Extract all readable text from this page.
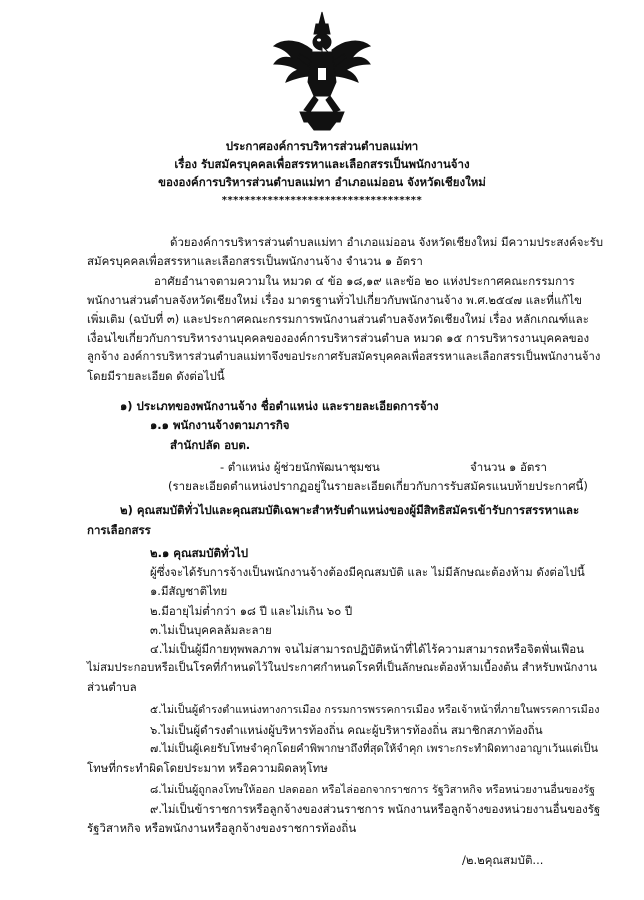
ประกาศองค์การบริหารส่วนตำบลแม่ทา
เรื่อง รับสมัครบุคคลเพื่อสรรหาและเลือกสรรเป็นพนักงานจ้าง
ขององค์การบริหารส่วนตำบลแม่ทา อำเภอแม่ออน จังหวัดเชียงใหม่
***********************************
ด้วยองค์การบริหารส่วนตำบลแม่ทา อำเภอแม่ออน จังหวัดเชียงใหม่ มีความประสงค์จะรับ
สมัครบุคคลเพื่อสรรหาและเลือกสรรเป็นพนักงานจ้าง จำนวน ๑ อัตรา
อาศัยอำนาจตามความใน หมวด ๔ ข้อ ๑๘,๑๙ และข้อ ๒๐ แห่งประกาศคณะกรรมการ
พนักงานส่วนตำบลจังหวัดเชียงใหม่ เรื่อง มาตรฐานทั่วไปเกี่ยวกับพนักงานจ้าง พ.ศ.๒๕๔๗ และที่แก้ไข
เพิ่มเติม (ฉบับที่ ๓) และประกาศคณะกรรมการพนักงานส่วนตำบลจังหวัดเชียงใหม่ เรื่อง หลักเกณฑ์และ
เงื่อนไขเกี่ยวกับการบริหารงานบุคคลขององค์การบริหารส่วนตำบล หมวด ๑๕ การบริหารงานบุคคลของ
ลูกจ้าง องค์การบริหารส่วนตำบลแม่ทาจึงขอประกาศรับสมัครบุคคลเพื่อสรรหาและเลือกสรรเป็นพนักงานจ้าง
โดยมีรายละเอียด ดังต่อไปนี้
๑) ประเภทของพนักงานจ้าง ชื่อตำแหน่ง และรายละเอียดการจ้าง
๑.๑ พนักงานจ้างตามภารกิจ
สำนักปลัด อบต.
- ตำแหน่ง ผู้ช่วยนักพัฒนาชุมชน	จำนวน ๑ อัตรา
(รายละเอียดตำแหน่งปรากฏอยู่ในรายละเอียดเกี่ยวกับการรับสมัครแนบท้ายประกาศนี้)
๒) คุณสมบัติทั่วไปและคุณสมบัติเฉพาะสำหรับตำแหน่งของผู้มีสิทธิสมัครเข้ารับการสรรหาและ
การเลือกสรร
๒.๑ คุณสมบัติทั่วไป
ผู้ซึ่งจะได้รับการจ้างเป็นพนักงานจ้างต้องมีคุณสมบัติ และ ไม่มีลักษณะต้องห้าม ดังต่อไปนี้
๑.มีสัญชาติไทย
๒.มีอายุไม่ต่ำกว่า ๑๘ ปี และไม่เกิน ๖๐ ปี
๓.ไม่เป็นบุคคลล้มละลาย
๔.ไม่เป็นผู้มีกายทุพพลภาพ จนไม่สามารถปฏิบัติหน้าที่ได้ไร้ความสามารถหรือจิตฟั่นเฟือน
ไม่สมประกอบหรือเป็นโรคที่กำหนดไว้ในประกาศกำหนดโรคที่เป็นลักษณะต้องห้ามเบื้องต้น สำหรับพนักงาน
ส่วนตำบล
๕.ไม่เป็นผู้ดำรงตำแหน่งทางการเมือง กรรมการพรรคการเมือง หรือเจ้าหน้าที่ภายในพรรคการเมือง
๖.ไม่เป็นผู้ดำรงตำแหน่งผู้บริหารท้องถิ่น คณะผู้บริหารท้องถิ่น สมาชิกสภาท้องถิ่น
๗.ไม่เป็นผู้เคยรับโทษจำคุกโดยคำพิพากษาถึงที่สุดให้จำคุก เพราะกระทำผิดทางอาญาเว้นแต่เป็น
โทษที่กระทำผิดโดยประมาท หรือความผิดลหุโทษ
๘.ไม่เป็นผู้ถูกลงโทษให้ออก ปลดออก หรือไล่ออกจากราชการ รัฐวิสาหกิจ หรือหน่วยงานอื่นของรัฐ
๙.ไม่เป็นข้าราชการหรือลูกจ้างของส่วนราชการ พนักงานหรือลูกจ้างของหน่วยงานอื่นของรัฐ
รัฐวิสาหกิจ หรือพนักงานหรือลูกจ้างของราชการท้องถิ่น
/๒.๒คุณสมบัติ...
